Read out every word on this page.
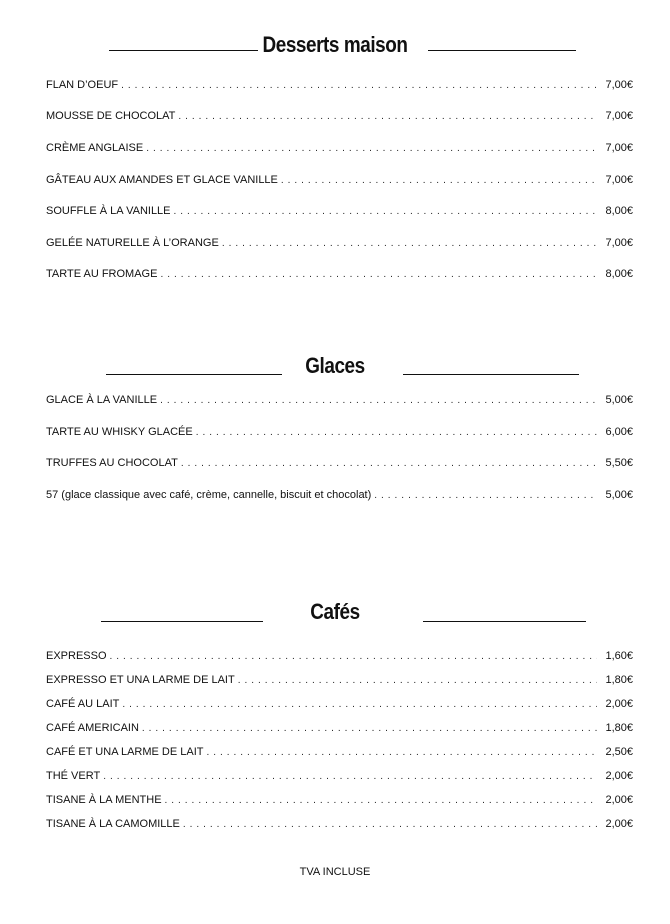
Desserts maison
FLAN D’OEUF . . .	7,00€
MOUSSE DE CHOCOLAT . . .	7,00€
CRÈME ANGLAISE . . .	7,00€
GÂTEAU AUX AMANDES ET GLACE VANILLE . . .	7,00€
SOUFFLE À LA VANILLE . . .	8,00€
GELÉE NATURELLE À L’ORANGE . . .	7,00€
TARTE AU FROMAGE . . .	8,00€
Glaces
GLACE À LA VANILLE . . .	5,00€
TARTE AU WHISKY GLACÉE . . .	6,00€
TRUFFES AU CHOCOLAT . . .	5,50€
57 (glace classique avec café, crème, cannelle, biscuit et chocolat) . . .	5,00€
Cafés
EXPRESSO . . .	1,60€
EXPRESSO ET UNA LARME DE LAIT . . .	1,80€
CAFÉ AU LAIT . . .	2,00€
CAFÉ AMERICAIN . . .	1,80€
CAFÉ ET UNA LARME DE LAIT . . .	2,50€
THÉ VERT . . .	2,00€
TISANE À LA MENTHE . . .	2,00€
TISANE À LA CAMOMILLE . . .	2,00€
TVA INCLUSE
